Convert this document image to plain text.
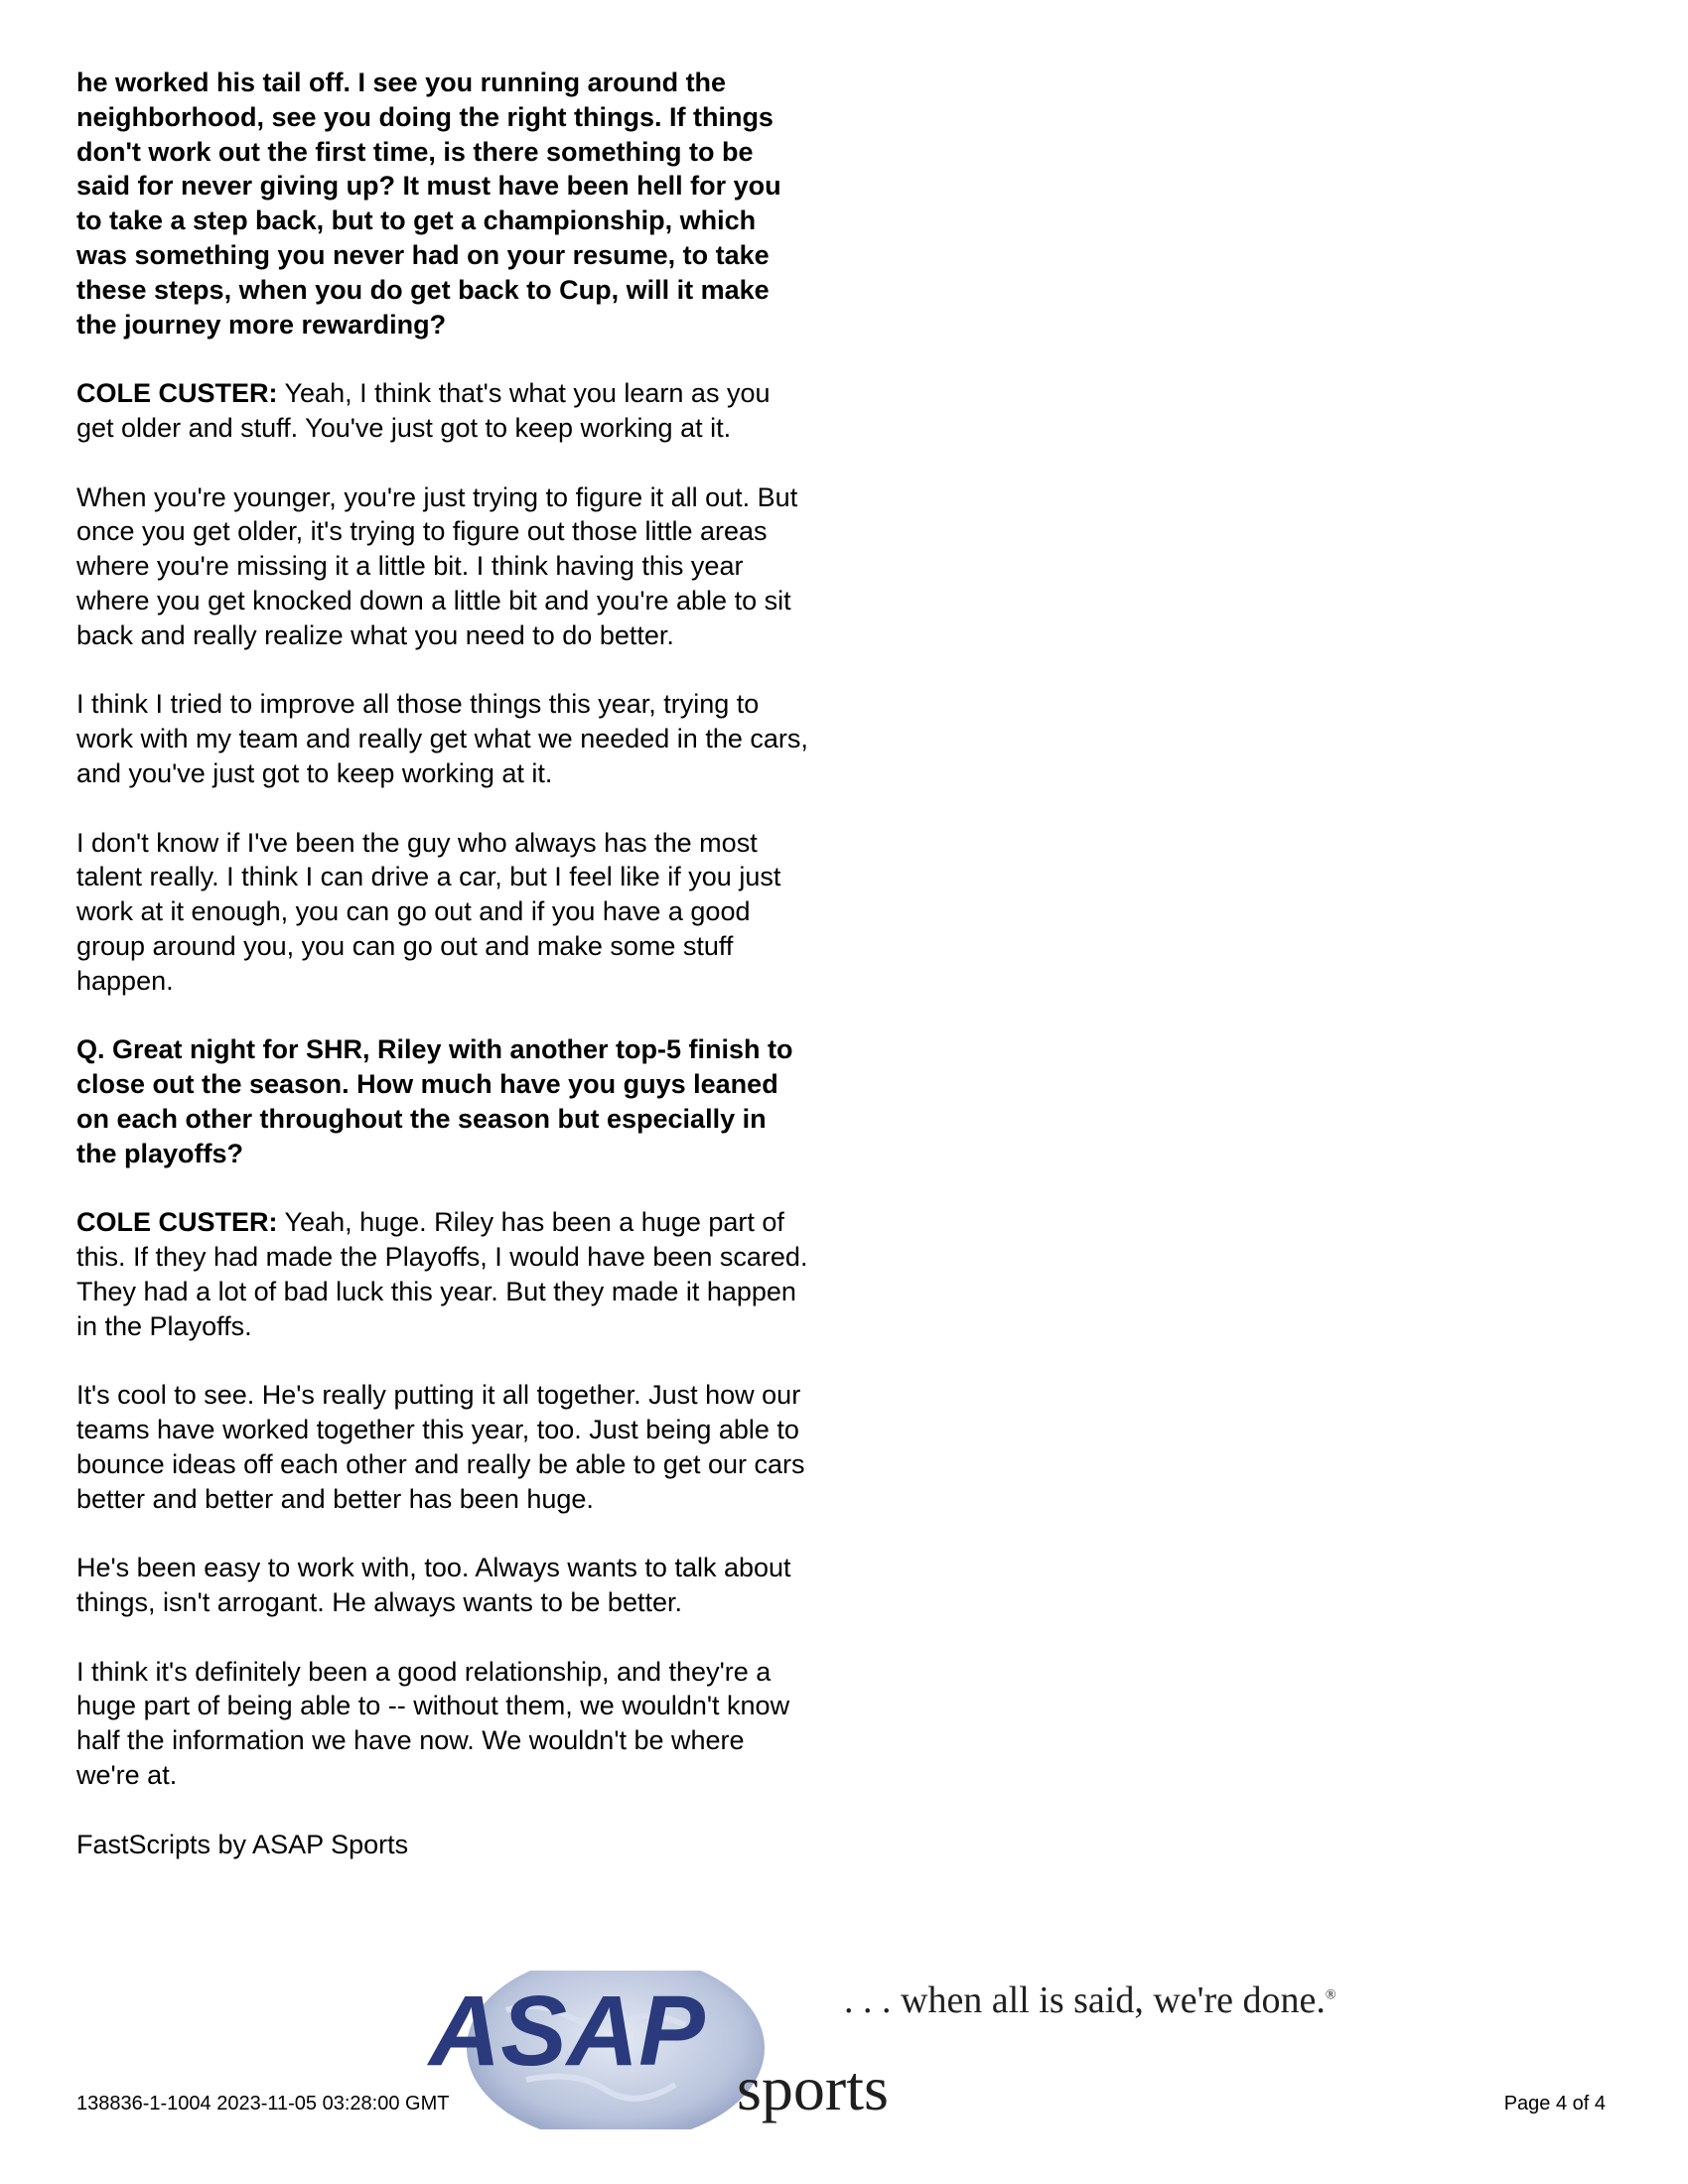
he worked his tail off. I see you running around the neighborhood, see you doing the right things. If things don't work out the first time, is there something to be said for never giving up? It must have been hell for you to take a step back, but to get a championship, which was something you never had on your resume, to take these steps, when you do get back to Cup, will it make the journey more rewarding?

COLE CUSTER: Yeah, I think that's what you learn as you get older and stuff. You've just got to keep working at it.

When you're younger, you're just trying to figure it all out. But once you get older, it's trying to figure out those little areas where you're missing it a little bit. I think having this year where you get knocked down a little bit and you're able to sit back and really realize what you need to do better.

I think I tried to improve all those things this year, trying to work with my team and really get what we needed in the cars, and you've just got to keep working at it.

I don't know if I've been the guy who always has the most talent really. I think I can drive a car, but I feel like if you just work at it enough, you can go out and if you have a good group around you, you can go out and make some stuff happen.

Q. Great night for SHR, Riley with another top-5 finish to close out the season. How much have you guys leaned on each other throughout the season but especially in the playoffs?

COLE CUSTER: Yeah, huge. Riley has been a huge part of this. If they had made the Playoffs, I would have been scared. They had a lot of bad luck this year. But they made it happen in the Playoffs.

It's cool to see. He's really putting it all together. Just how our teams have worked together this year, too. Just being able to bounce ideas off each other and really be able to get our cars better and better and better has been huge.

He's been easy to work with, too. Always wants to talk about things, isn't arrogant. He always wants to be better.

I think it's definitely been a good relationship, and they're a huge part of being able to -- without them, we wouldn't know half the information we have now. We wouldn't be where we're at.

FastScripts by ASAP Sports

ASAP
sports
. . . when all is said, we're done.®
138836-1-1004 2023-11-05 03:28:00 GMT	Page 4 of 4
